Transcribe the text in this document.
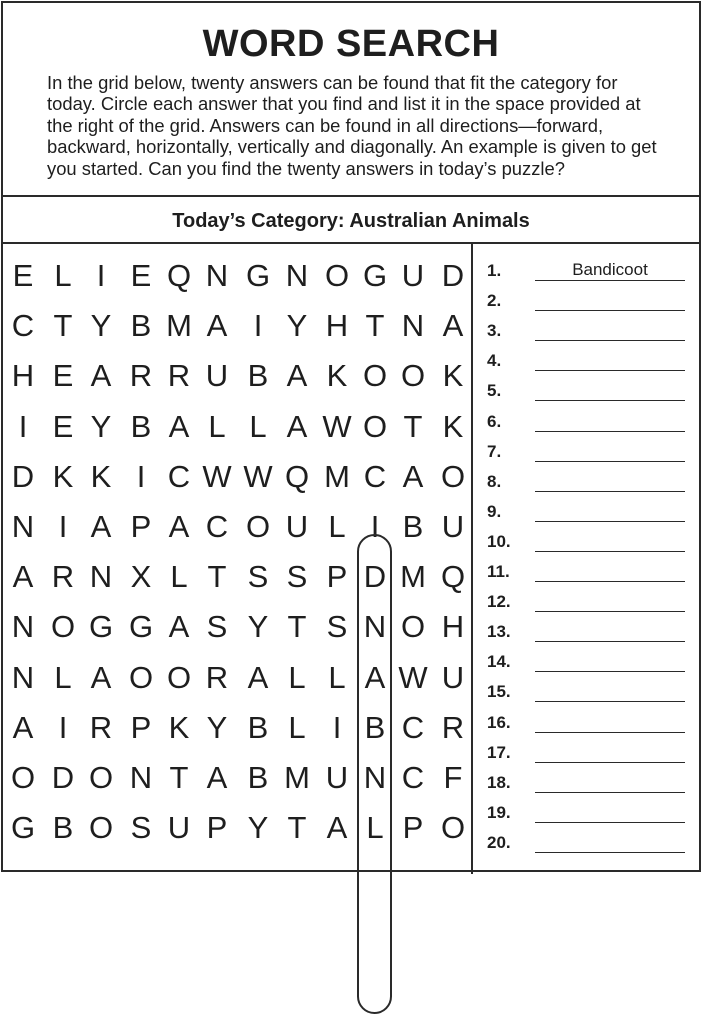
WORD SEARCH
In the grid below, twenty answers can be found that fit the category for today. Circle each answer that you find and list it in the space provided at the right of the grid. Answers can be found in all directions—forward, backward, horizontally, vertically and diagonally. An example is given to get you started. Can you find the twenty answers in today’s puzzle?
Today’s Category: Australian Animals
E L I E Q N G N O G U D
C T Y B M A I Y H T N A
H E A R R U B A K O O K
I E Y B A L L A W O T K
D K K I C W W Q M C A O
N I A P A C O U L I B U
A R N X L T S S P D M Q
N O G G A S Y T S N O H
N L A O O R A L L A W U
A I R P K Y B L I B C R
O D O N T A B M U N C F
G B O S U P Y T A L P O
1.	Bandicoot
2.
3.
4.
5.
6.
7.
8.
9.
10.
11.
12.
13.
14.
15.
16.
17.
18.
19.
20.
